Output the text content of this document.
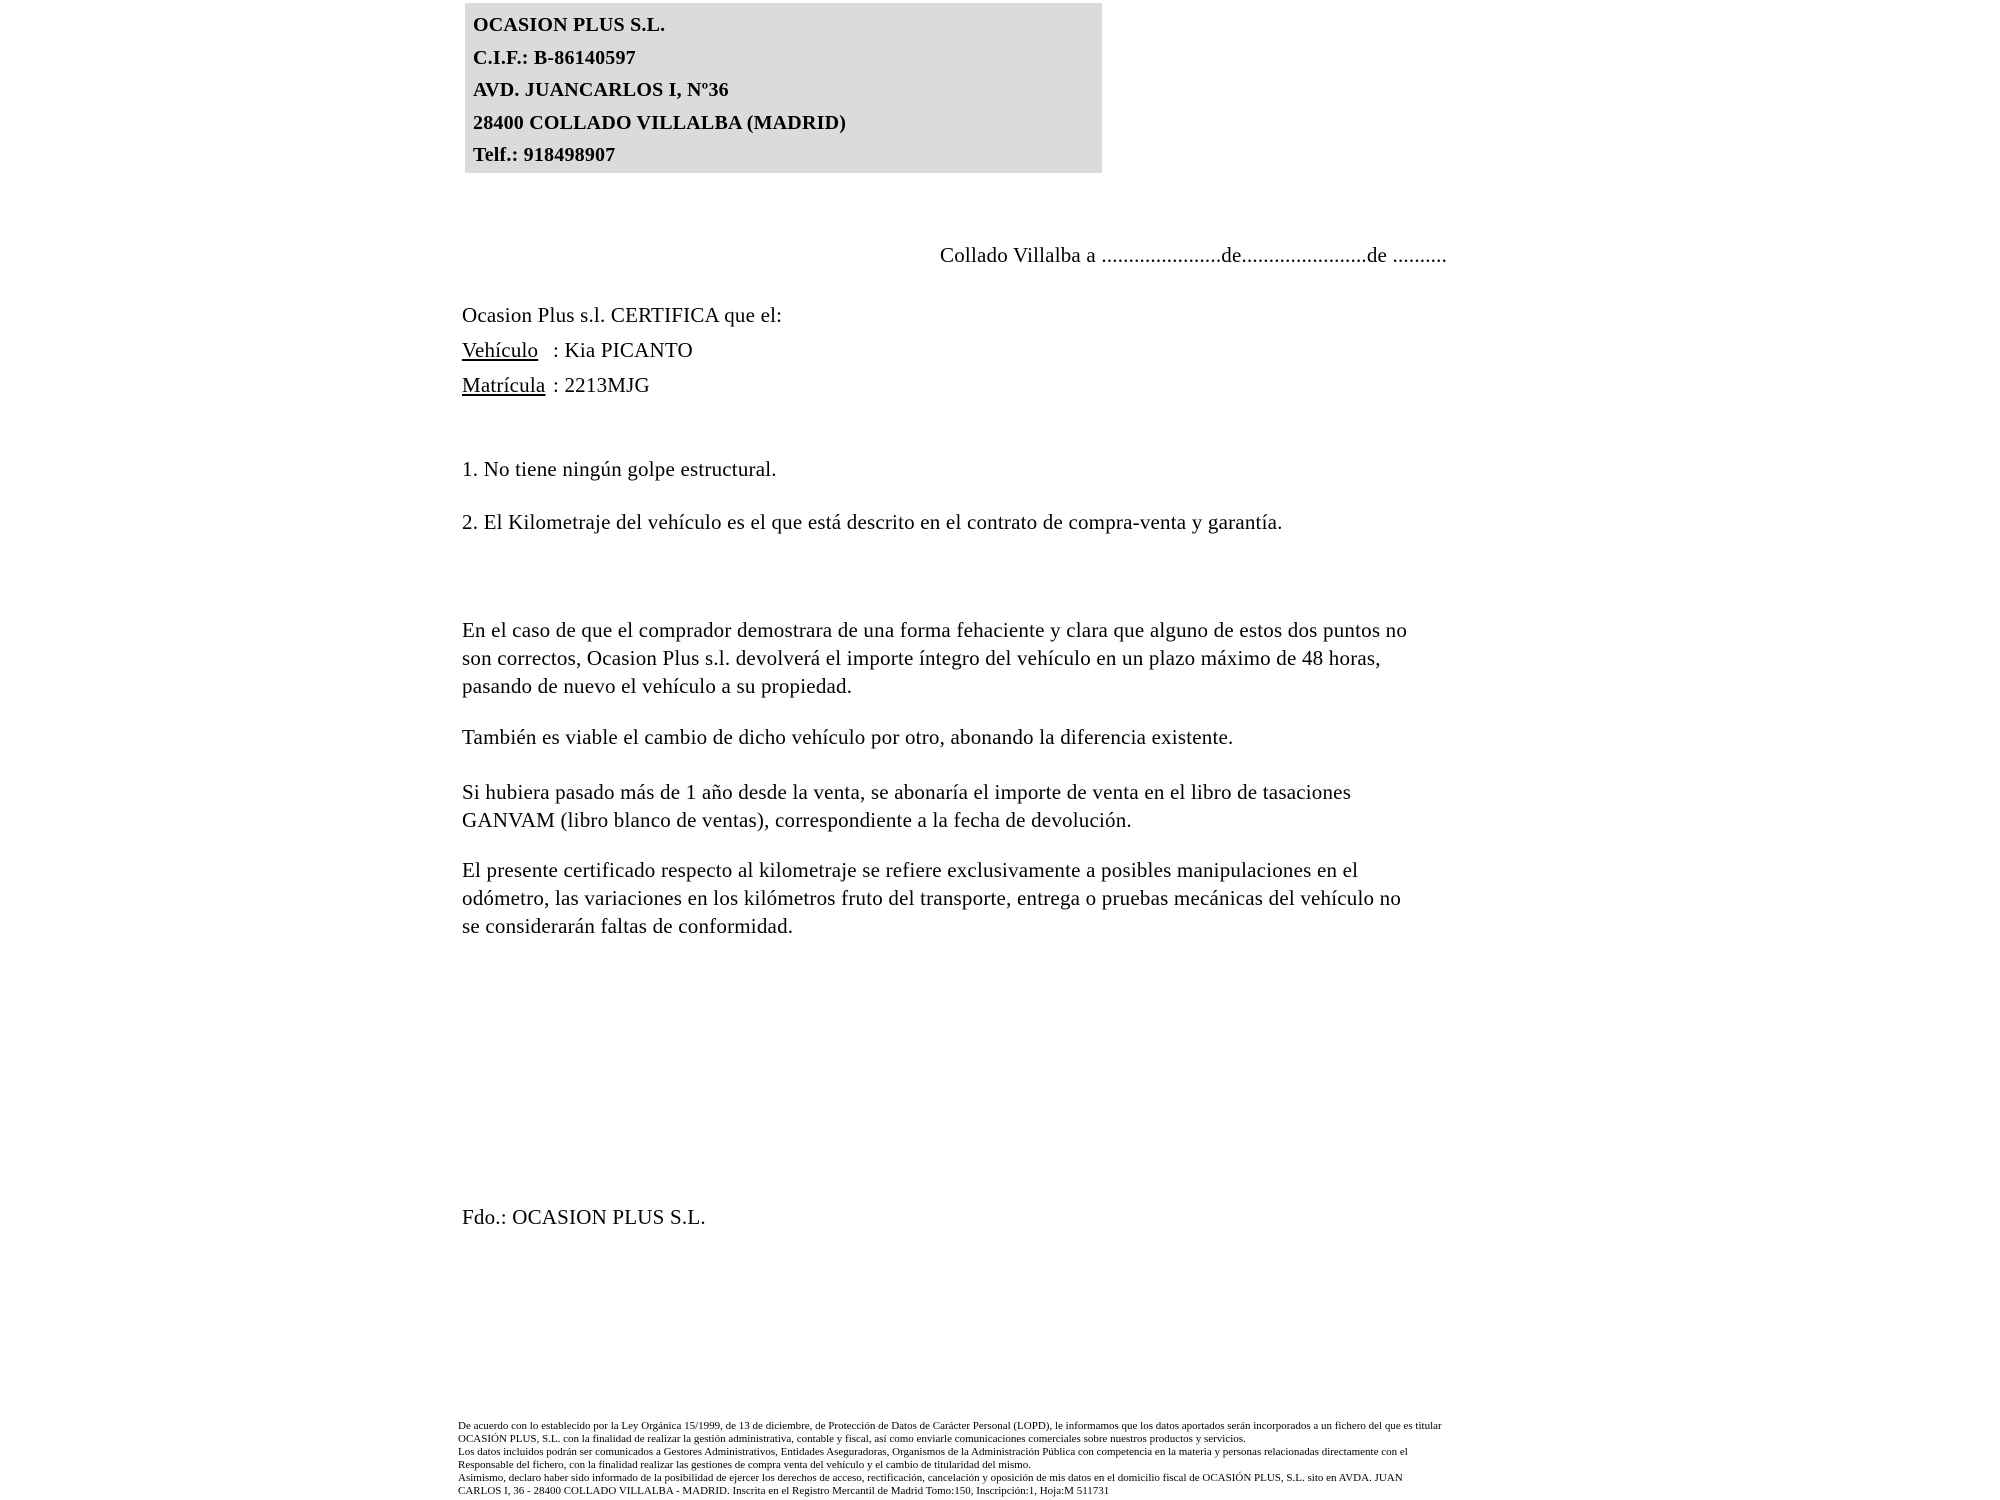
OCASION PLUS S.L.
C.I.F.: B-86140597
AVD. JUANCARLOS I, Nº36
28400 COLLADO VILLALBA (MADRID)
Telf.: 918498907
Collado Villalba a ......................de.......................de ..........
Ocasion Plus s.l. CERTIFICA que el:
Vehículo : Kia PICANTO
Matrícula : 2213MJG
1. No tiene ningún golpe estructural.
2. El Kilometraje del vehículo es el que está descrito en el contrato de compra-venta y garantía.
En el caso de que el comprador demostrara de una forma fehaciente y clara que alguno de estos dos puntos no
son correctos, Ocasion Plus s.l. devolverá el importe íntegro del vehículo en un plazo máximo de 48 horas,
pasando de nuevo el vehículo a su propiedad.
También es viable el cambio de dicho vehículo por otro, abonando la diferencia existente.
Si hubiera pasado más de 1 año desde la venta, se abonaría el importe de venta en el libro de tasaciones
GANVAM (libro blanco de ventas), correspondiente a la fecha de devolución.
El presente certificado respecto al kilometraje se refiere exclusivamente a posibles manipulaciones en el
odómetro, las variaciones en los kilómetros fruto del transporte, entrega o pruebas mecánicas del vehículo no
se considerarán faltas de conformidad.
Fdo.: OCASION PLUS S.L.
De acuerdo con lo establecido por la Ley Orgánica 15/1999, de 13 de diciembre, de Protección de Datos de Carácter Personal (LOPD), le informamos que los datos aportados serán incorporados a un fichero del que es titular
OCASIÓN PLUS, S.L. con la finalidad de realizar la gestión administrativa, contable y fiscal, así como enviarle comunicaciones comerciales sobre nuestros productos y servicios.
Los datos incluidos podrán ser comunicados a Gestores Administrativos, Entidades Aseguradoras, Organismos de la Administración Pública con competencia en la materia y personas relacionadas directamente con el
Responsable del fichero, con la finalidad realizar las gestiones de compra venta del vehículo y el cambio de titularidad del mismo.
Asimismo, declaro haber sido informado de la posibilidad de ejercer los derechos de acceso, rectificación, cancelación y oposición de mis datos en el domicilio fiscal de OCASIÓN PLUS, S.L. sito en AVDA. JUAN
CARLOS I, 36 - 28400 COLLADO VILLALBA - MADRID. Inscrita en el Registro Mercantil de Madrid Tomo:150, Inscripción:1, Hoja:M 511731
